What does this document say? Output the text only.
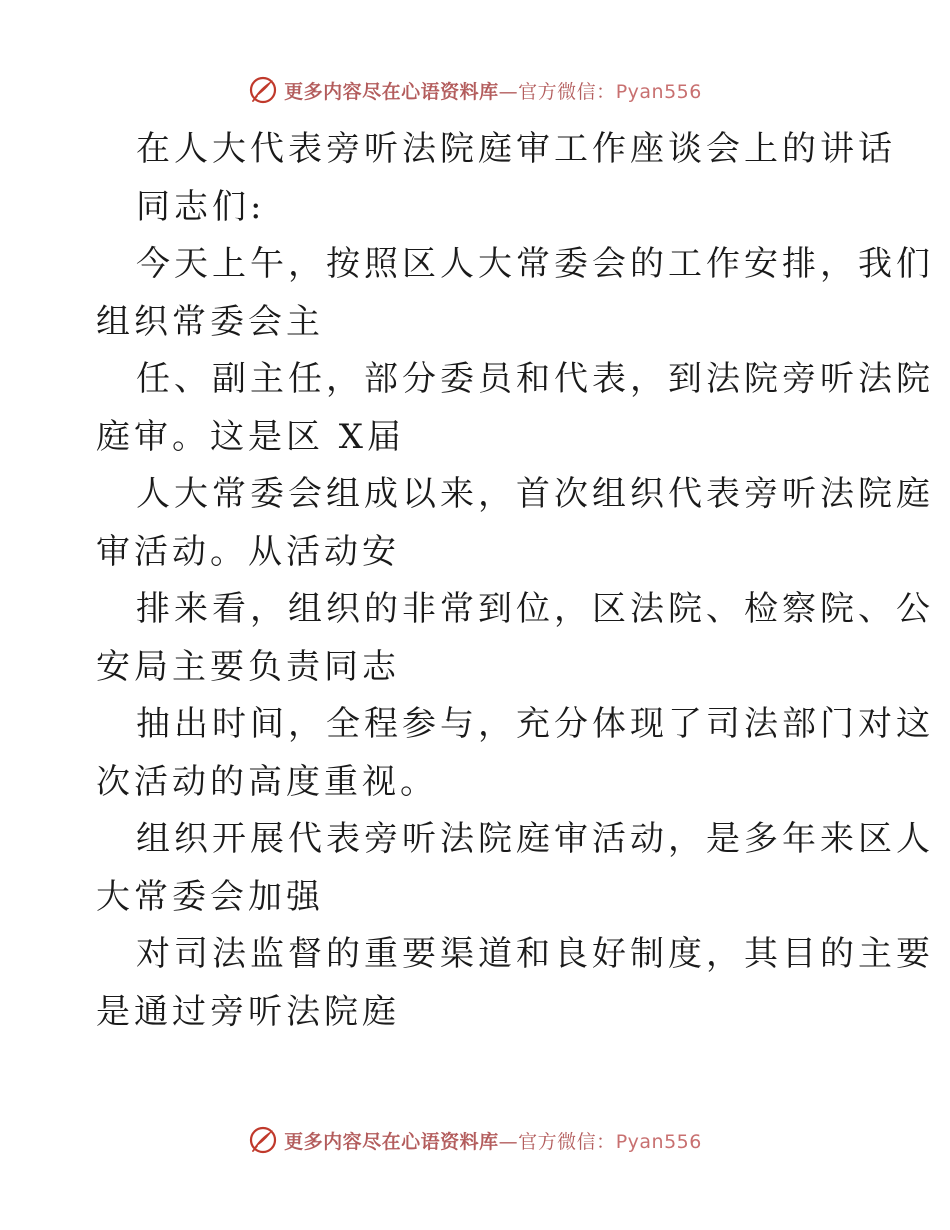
更多内容尽在心语资料库—官方微信：Pyan556
在人大代表旁听法院庭审工作座谈会上的讲话
同志们:
今天上午，按照区人大常委会的工作安排，我们
组织常委会主
任、副主任，部分委员和代表，到法院旁听法院
庭审。这是区 X届
人大常委会组成以来，首次组织代表旁听法院庭
审活动。从活动安
排来看，组织的非常到位，区法院、检察院、公
安局主要负责同志
抽出时间，全程参与，充分体现了司法部门对这
次活动的高度重视。
组织开展代表旁听法院庭审活动，是多年来区人
大常委会加强
对司法监督的重要渠道和良好制度，其目的主要
是通过旁听法院庭
更多内容尽在心语资料库—官方微信：Pyan556
